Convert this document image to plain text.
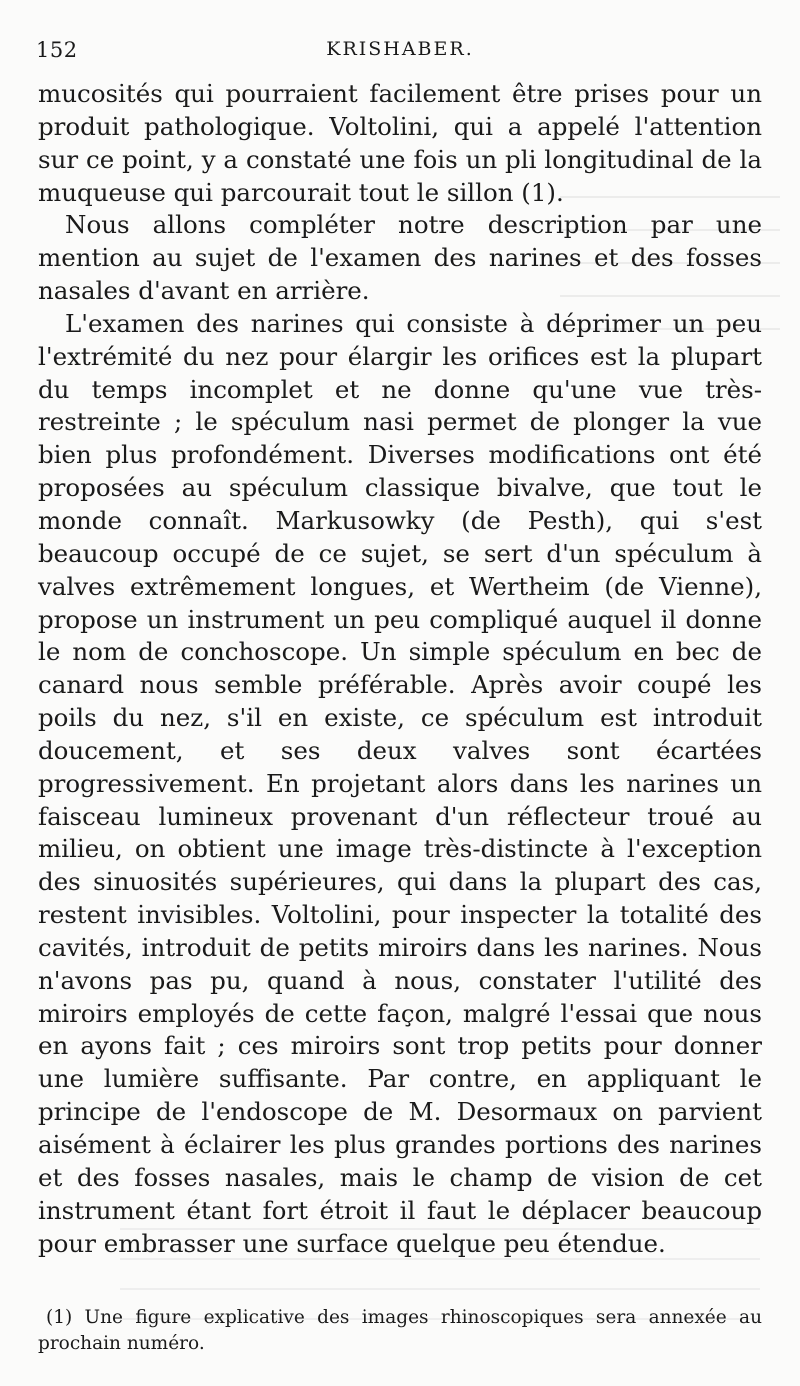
152	KRISHABER.

mucosités qui pourraient facilement être prises pour un produit pathologique. Voltolini, qui a appelé l'attention sur ce point, y a constaté une fois un pli longitudinal de la muqueuse qui parcourait tout le sillon (1).

Nous allons compléter notre description par une mention au sujet de l'examen des narines et des fosses nasales d'avant en arrière.

L'examen des narines qui consiste à déprimer un peu l'extrémité du nez pour élargir les orifices est la plupart du temps incomplet et ne donne qu'une vue très-restreinte ; le spéculum nasi permet de plonger la vue bien plus profondément. Diverses modifications ont été proposées au spéculum classique bivalve, que tout le monde connaît. Markusowky (de Pesth), qui s'est beaucoup occupé de ce sujet, se sert d'un spéculum à valves extrêmement longues, et Wertheim (de Vienne), propose un instrument un peu compliqué auquel il donne le nom de conchoscope. Un simple spéculum en bec de canard nous semble préférable. Après avoir coupé les poils du nez, s'il en existe, ce spéculum est introduit doucement, et ses deux valves sont écartées progressivement. En projetant alors dans les narines un faisceau lumineux provenant d'un réflecteur troué au milieu, on obtient une image très-distincte à l'exception des sinuosités supérieures, qui dans la plupart des cas, restent invisibles. Voltolini, pour inspecter la totalité des cavités, introduit de petits miroirs dans les narines. Nous n'avons pas pu, quand à nous, constater l'utilité des miroirs employés de cette façon, malgré l'essai que nous en ayons fait ; ces miroirs sont trop petits pour donner une lumière suffisante. Par contre, en appliquant le principe de l'endoscope de M. Desormaux on parvient aisément à éclairer les plus grandes portions des narines et des fosses nasales, mais le champ de vision de cet instrument étant fort étroit il faut le déplacer beaucoup pour embrasser une surface quelque peu étendue.

(1) Une figure explicative des images rhinoscopiques sera annexée au prochain numéro.
